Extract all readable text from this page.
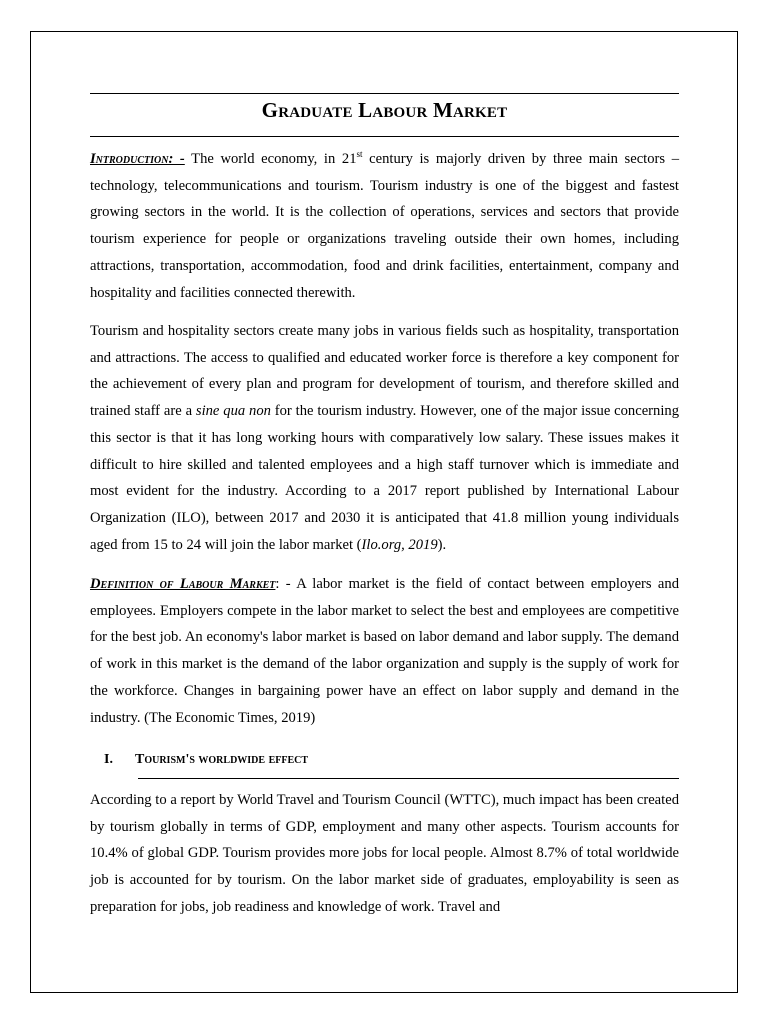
Graduate Labour Market

Introduction: - The world economy, in 21st century is majorly driven by three main sectors – technology, telecommunications and tourism. Tourism industry is one of the biggest and fastest growing sectors in the world. It is the collection of operations, services and sectors that provide tourism experience for people or organizations traveling outside their own homes, including attractions, transportation, accommodation, food and drink facilities, entertainment, company and hospitality and facilities connected therewith.

Tourism and hospitality sectors create many jobs in various fields such as hospitality, transportation and attractions. The access to qualified and educated worker force is therefore a key component for the achievement of every plan and program for development of tourism, and therefore skilled and trained staff are a sine qua non for the tourism industry. However, one of the major issue concerning this sector is that it has long working hours with comparatively low salary. These issues makes it difficult to hire skilled and talented employees and a high staff turnover which is immediate and most evident for the industry. According to a 2017 report published by International Labour Organization (ILO), between 2017 and 2030 it is anticipated that 41.8 million young individuals aged from 15 to 24 will join the labor market (Ilo.org, 2019).

Definition of Labour Market: - A labor market is the field of contact between employers and employees. Employers compete in the labor market to select the best and employees are competitive for the best job. An economy's labor market is based on labor demand and labor supply. The demand of work in this market is the demand of the labor organization and supply is the supply of work for the workforce. Changes in bargaining power have an effect on labor supply and demand in the industry. (The Economic Times, 2019)

I. Tourism's worldwide effect

According to a report by World Travel and Tourism Council (WTTC), much impact has been created by tourism globally in terms of GDP, employment and many other aspects. Tourism accounts for 10.4% of global GDP. Tourism provides more jobs for local people. Almost 8.7% of total worldwide job is accounted for by tourism. On the labor market side of graduates, employability is seen as preparation for jobs, job readiness and knowledge of work. Travel and
